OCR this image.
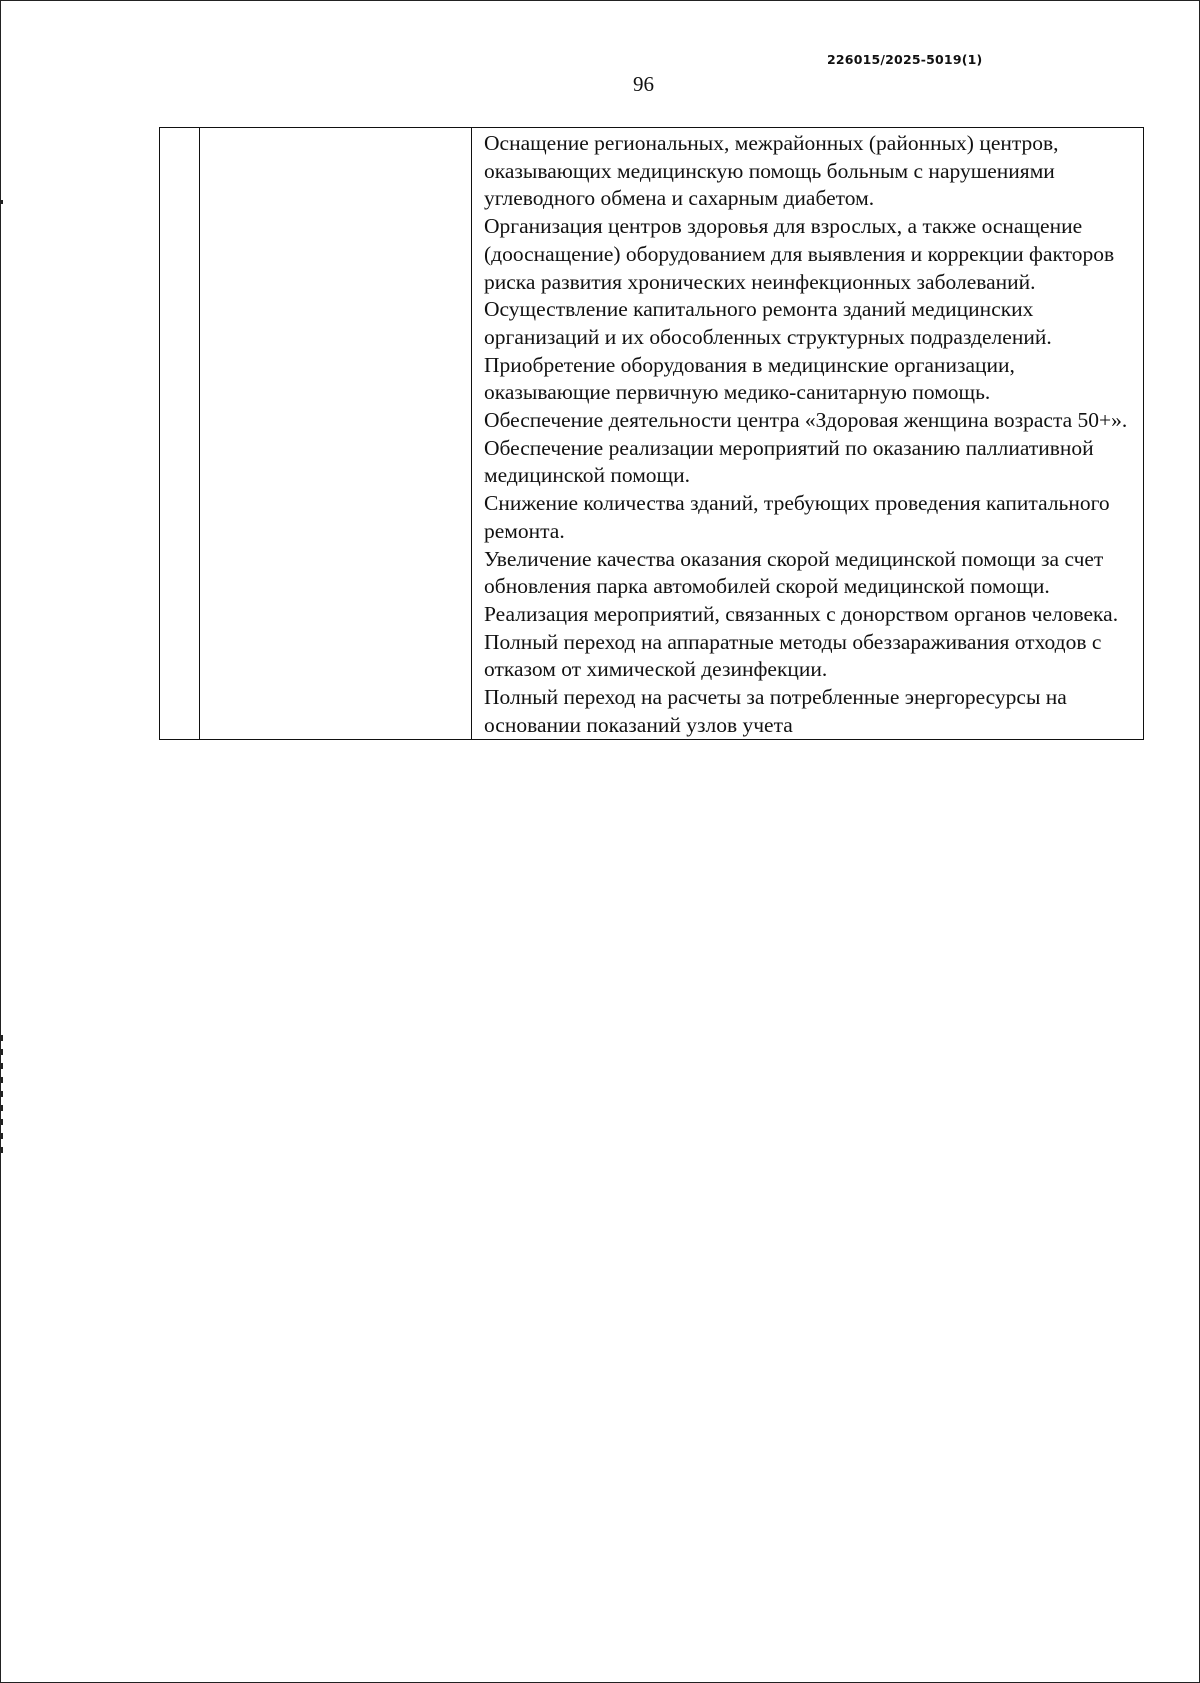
226015/2025-5019(1)
96

Оснащение региональных, межрайонных (районных) центров, оказывающих медицинскую помощь больным с нарушениями углеводного обмена и сахарным диабетом.

Организация центров здоровья для взрослых, а также оснащение (дооснащение) оборудованием для выявления и коррекции факторов риска развития хронических неинфекционных заболеваний.

Осуществление капитального ремонта зданий медицинских организаций и их обособленных структурных подразделений.

Приобретение оборудования в медицинские организации, оказывающие первичную медико-санитарную помощь.

Обеспечение деятельности центра «Здоровая женщина возраста 50+».

Обеспечение реализации мероприятий по оказанию паллиативной медицинской помощи.

Снижение количества зданий, требующих проведения капитального ремонта.

Увеличение качества оказания скорой медицинской помощи за счет обновления парка автомобилей скорой медицинской помощи.

Реализация мероприятий, связанных с донорством органов человека.

Полный переход на аппаратные методы обеззараживания отходов с отказом от химической дезинфекции.

Полный переход на расчеты за потребленные энергоресурсы на основании показаний узлов учета
